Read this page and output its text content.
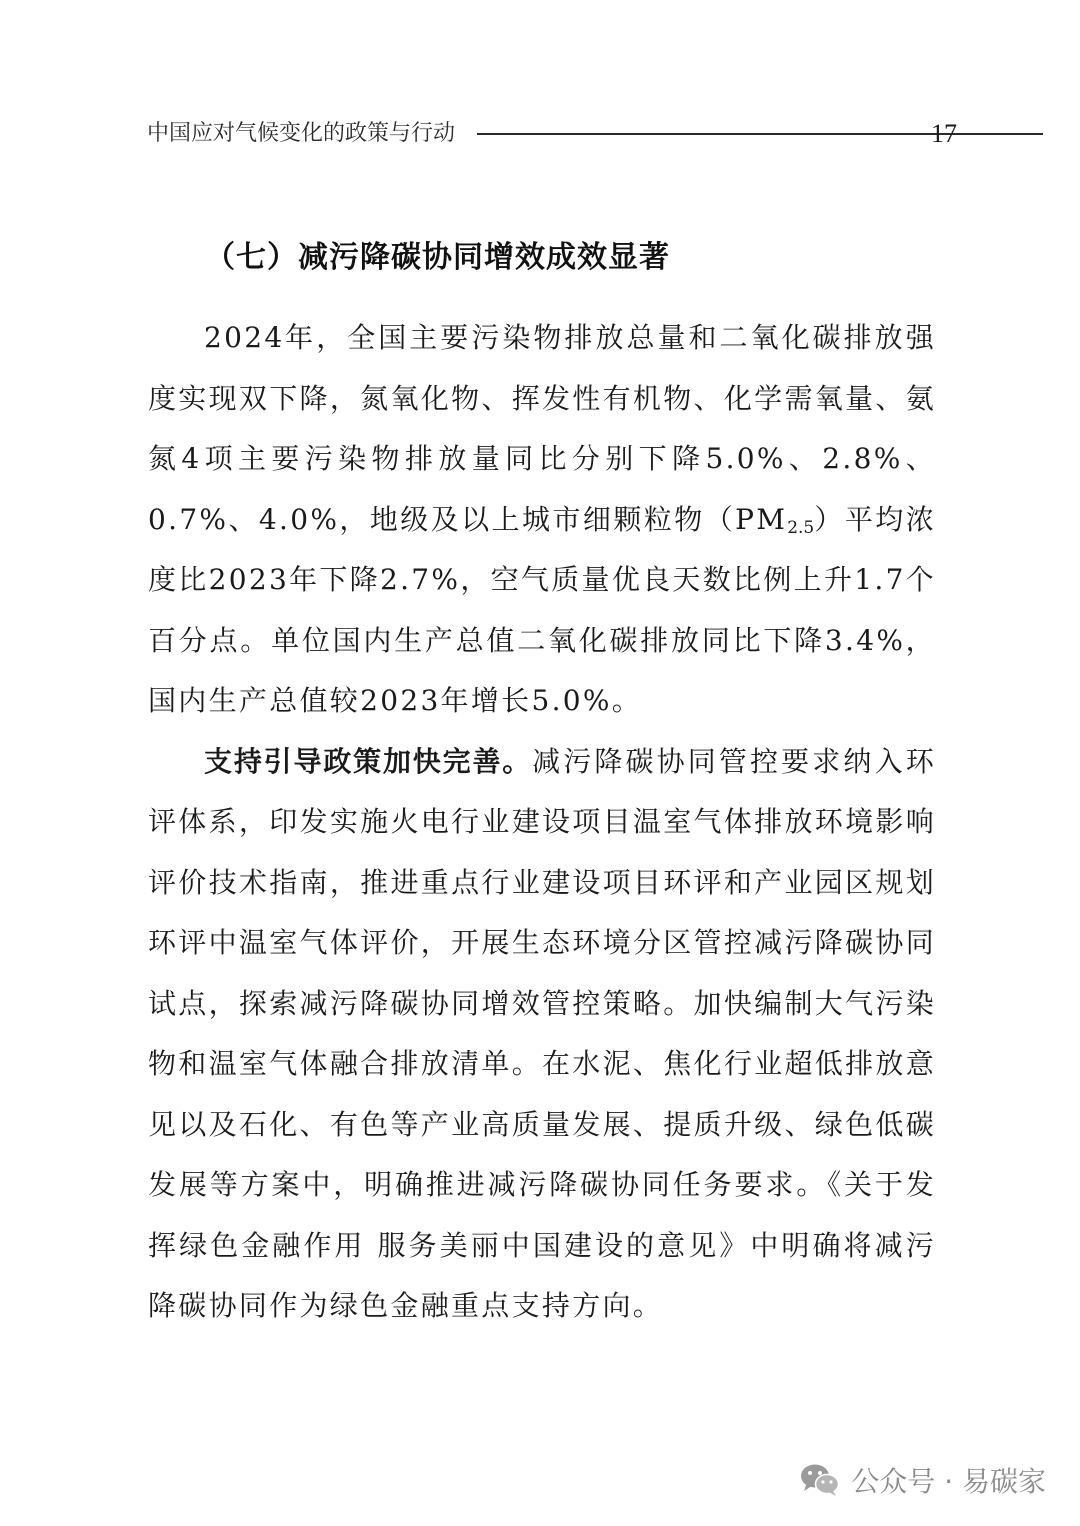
中国应对气候变化的政策与行动	17
（七）减污降碳协同增效成效显著

2024年，全国主要污染物排放总量和二氧化碳排放强度实现双下降，氮氧化物、挥发性有机物、化学需氧量、氨氮4项主要污染物排放量同比分别下降5.0%、2.8%、0.7%、4.0%，地级及以上城市细颗粒物$(PM_{2.5})$平均浓度比2023年下降2.7%，空气质量优良天数比例上升1.7个百分点。单位国内生产总值二氧化碳排放同比下降3.4%，国内生产总值较2023年增长5.0%。

支持引导政策加快完善。减污降碳协同管控要求纳入环评体系，印发实施火电行业建设项目温室气体排放环境影响评价技术指南，推进重点行业建设项目环评和产业园区规划环评中温室气体评价，开展生态环境分区管控减污降碳协同试点，探索减污降碳协同增效管控策略。加快编制大气污染物和温室气体融合排放清单。在水泥、焦化行业超低排放意见以及石化、有色等产业高质量发展、提质升级、绿色低碳发展等方案中，明确推进减污降碳协同任务要求。《关于发挥绿色金融作用 服务美丽中国建设的意见》中明确将减污降碳协同作为绿色金融重点支持方向。

公众号 · 易碳家
